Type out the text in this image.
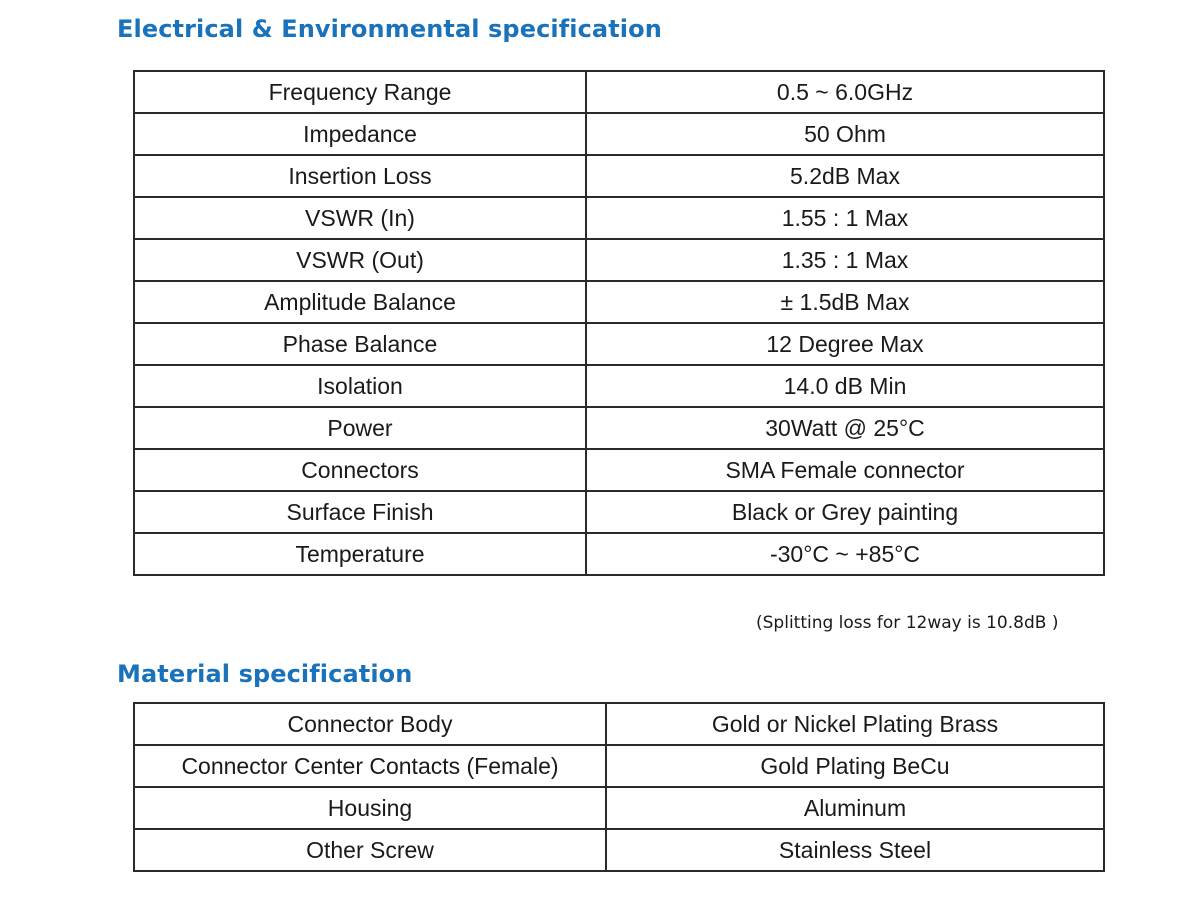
Electrical & Environmental specification
Frequency Range	0.5 ~ 6.0GHz
Impedance	50 Ohm
Insertion Loss	5.2dB Max
VSWR (In)	1.55 : 1 Max
VSWR (Out)	1.35 : 1 Max
Amplitude Balance	± 1.5dB Max
Phase Balance	12 Degree Max
Isolation	14.0 dB Min
Power	30Watt @ 25°C
Connectors	SMA Female connector
Surface Finish	Black or Grey painting
Temperature	-30°C ~ +85°C
(Splitting loss for 12way is 10.8dB )
Material specification
Connector Body	Gold or Nickel Plating Brass
Connector Center Contacts (Female)	Gold Plating BeCu
Housing	Aluminum
Other Screw	Stainless Steel
